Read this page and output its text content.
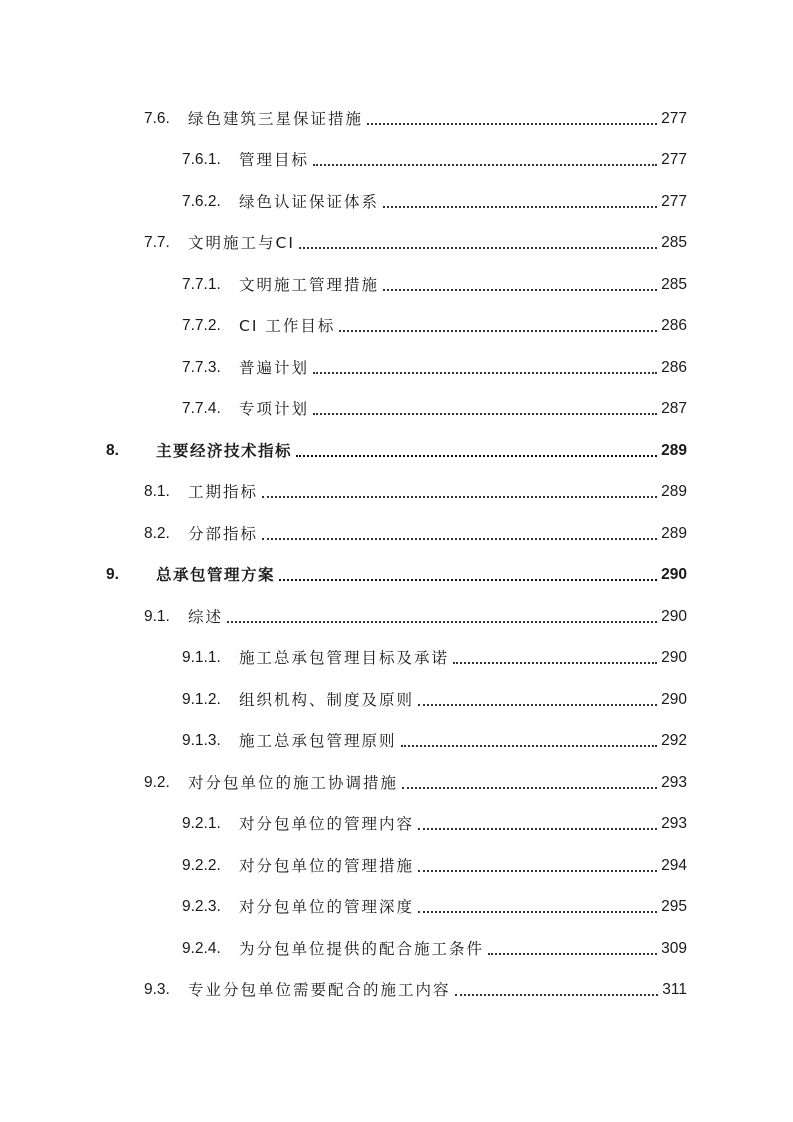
7.6.	绿色建筑三星保证措施	277
7.6.1.	管理目标	277
7.6.2.	绿色认证保证体系	277
7.7.	文明施工与CI	285
7.7.1.	文明施工管理措施	285
7.7.2.	CI 工作目标	286
7.7.3.	普遍计划	286
7.7.4.	专项计划	287
8.	主要经济技术指标	289
8.1.	工期指标	289
8.2.	分部指标	289
9.	总承包管理方案	290
9.1.	综述	290
9.1.1.	施工总承包管理目标及承诺	290
9.1.2.	组织机构、制度及原则	290
9.1.3.	施工总承包管理原则	292
9.2.	对分包单位的施工协调措施	293
9.2.1.	对分包单位的管理内容	293
9.2.2.	对分包单位的管理措施	294
9.2.3.	对分包单位的管理深度	295
9.2.4.	为分包单位提供的配合施工条件	309
9.3.	专业分包单位需要配合的施工内容	311
